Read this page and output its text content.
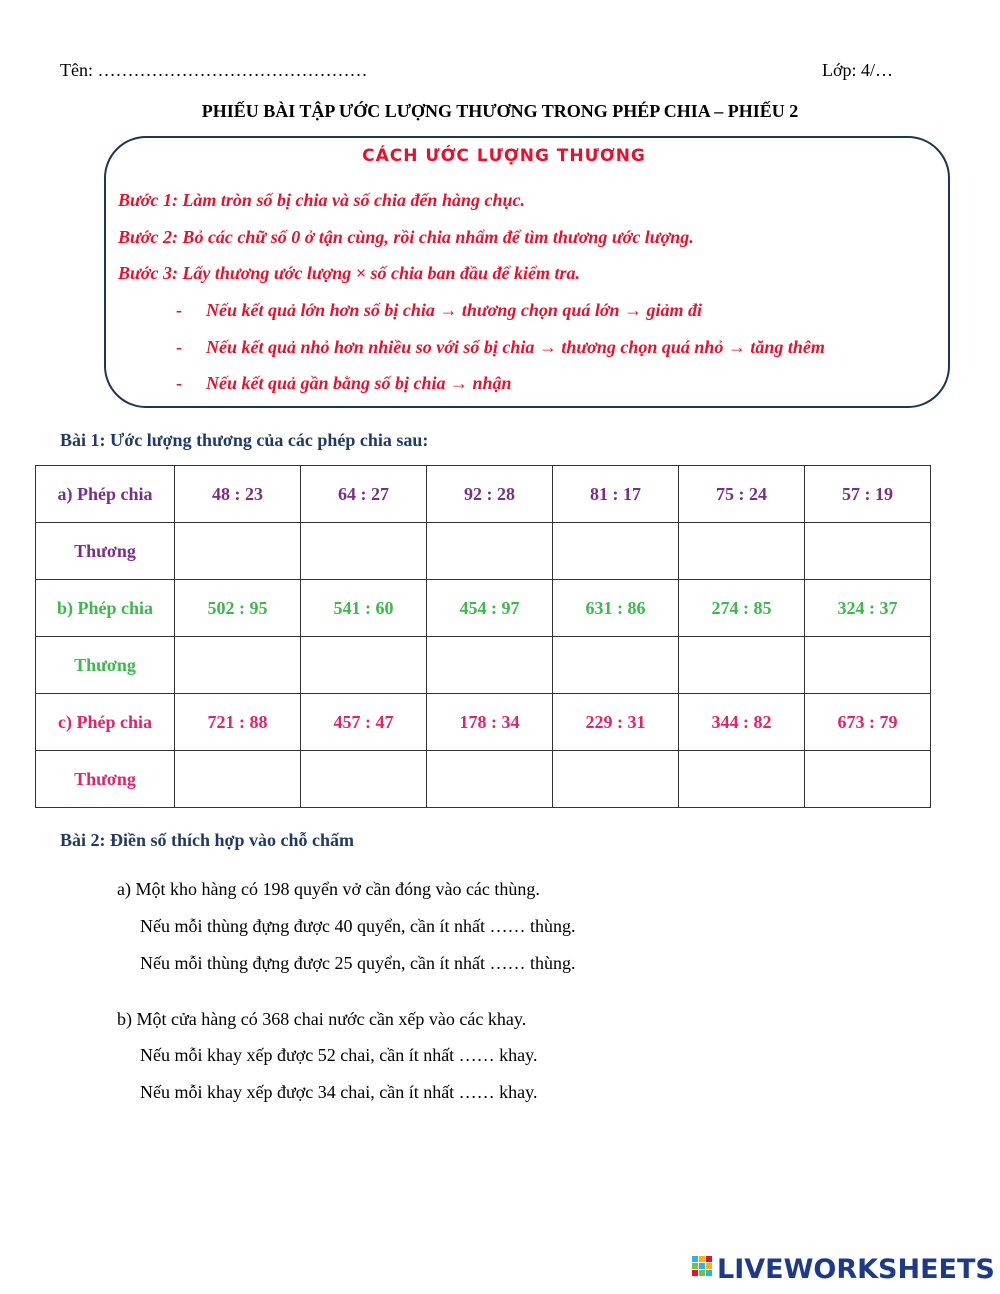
Tên: ………………………………………	Lớp: 4/…
PHIẾU BÀI TẬP ƯỚC LƯỢNG THƯƠNG TRONG PHÉP CHIA – PHIẾU 2
CÁCH ƯỚC LƯỢNG THƯƠNG
Bước 1: Làm tròn số bị chia và số chia đến hàng chục.
Bước 2: Bỏ các chữ số 0 ở tận cùng, rồi chia nhẩm để tìm thương ước lượng.
Bước 3: Lấy thương ước lượng × số chia ban đầu để kiểm tra.
- Nếu kết quả lớn hơn số bị chia → thương chọn quá lớn → giảm đi
- Nếu kết quả nhỏ hơn nhiều so với số bị chia → thương chọn quá nhỏ → tăng thêm
- Nếu kết quả gần bằng số bị chia → nhận
Bài 1: Ước lượng thương của các phép chia sau:
a) Phép chia	48 : 23	64 : 27	92 : 28	81 : 17	75 : 24	57 : 19
Thương						
b) Phép chia	502 : 95	541 : 60	454 : 97	631 : 86	274 : 85	324 : 37
Thương						
c) Phép chia	721 : 88	457 : 47	178 : 34	229 : 31	344 : 82	673 : 79
Thương						
Bài 2: Điền số thích hợp vào chỗ chấm
a) Một kho hàng có 198 quyển vở cần đóng vào các thùng.
Nếu mỗi thùng đựng được 40 quyển, cần ít nhất …… thùng.
Nếu mỗi thùng đựng được 25 quyển, cần ít nhất …… thùng.
b) Một cửa hàng có 368 chai nước cần xếp vào các khay.
Nếu mỗi khay xếp được 52 chai, cần ít nhất …… khay.
Nếu mỗi khay xếp được 34 chai, cần ít nhất …… khay.
LIVEWORKSHEETS
